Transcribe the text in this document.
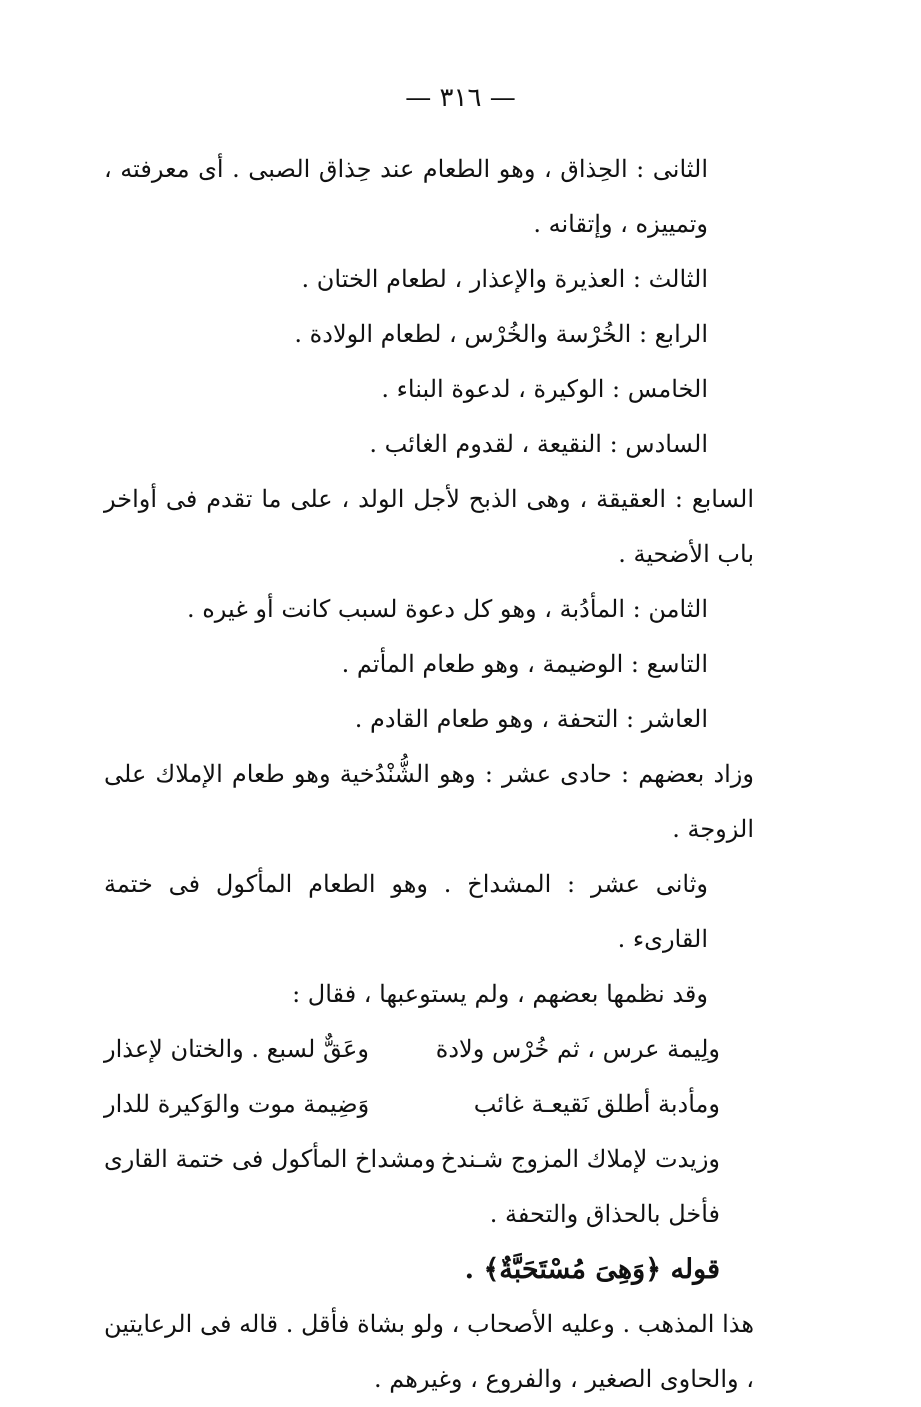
— ٣١٦ —

الثانى : الحِذاق ، وهو الطعام عند حِذاق الصبى . أى معرفته ، وتمييزه ، وإتقانه .

الثالث : العذيرة والإعذار ، لطعام الختان .

الرابع : الخُرْسة والخُرْس ، لطعام الولادة .

الخامس : الوكيرة ، لدعوة البناء .

السادس : النقيعة ، لقدوم الغائب .

السابع : العقيقة ، وهى الذبح لأجل الولد ، على ما تقدم فى أواخر باب الأضحية .

الثامن : المأدُبة ، وهو كل دعوة لسبب كانت أو غيره .

التاسع : الوضيمة ، وهو طعام المأتم .

العاشر : التحفة ، وهو طعام القادم .

وزاد بعضهم : حادى عشر : وهو الشُّنْدُخية وهو طعام الإملاك على الزوجة .

وثانى عشر : المشداخ . وهو الطعام المأكول فى ختمة القارىء .

وقد نظمها بعضهم ، ولم يستوعبها ، فقال :

ولِيمة عرس ، ثم خُرْس ولادة
وعَقٌّ لسبع . والختان لإعذار
ومأدبة أطلق نَقيعـة غائب
وَضِيمة موت والوَكيرة للدار
وزيدت لإملاك المزوج شـندخ
ومشداخ المأكول فى ختمة القارى

فأخل بالحذاق والتحفة .

قوله ﴿وَهِىَ مُسْتَحَبَّةٌ﴾ .

هذا المذهب . وعليه الأصحاب ، ولو بشاة فأقل . قاله فى الرعايتين ، والحاوى الصغير ، والفروع ، وغيرهم .
